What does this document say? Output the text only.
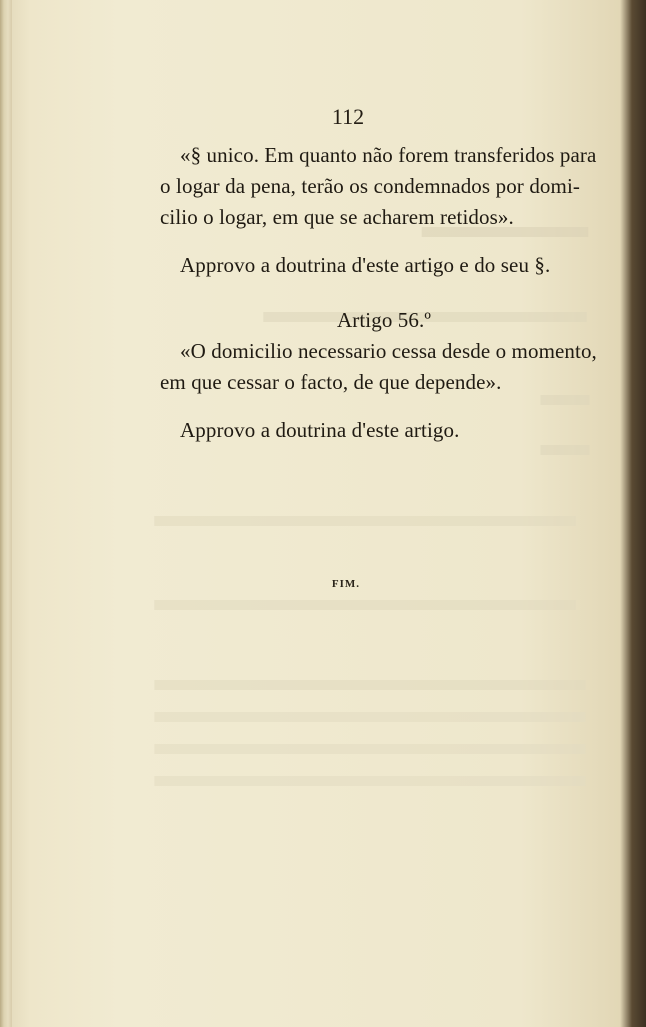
112
«§ unico. Em quanto não forem transferidos para
o logar da pena, terão os condemnados por domi-
cilio o logar, em que se acharem retidos».
Approvo a doutrina d'este artigo e do seu §.
Artigo 56.º
«O domicilio necessario cessa desde o momento,
em que cessar o facto, de que depende».
Approvo a doutrina d'este artigo.
FIM.
